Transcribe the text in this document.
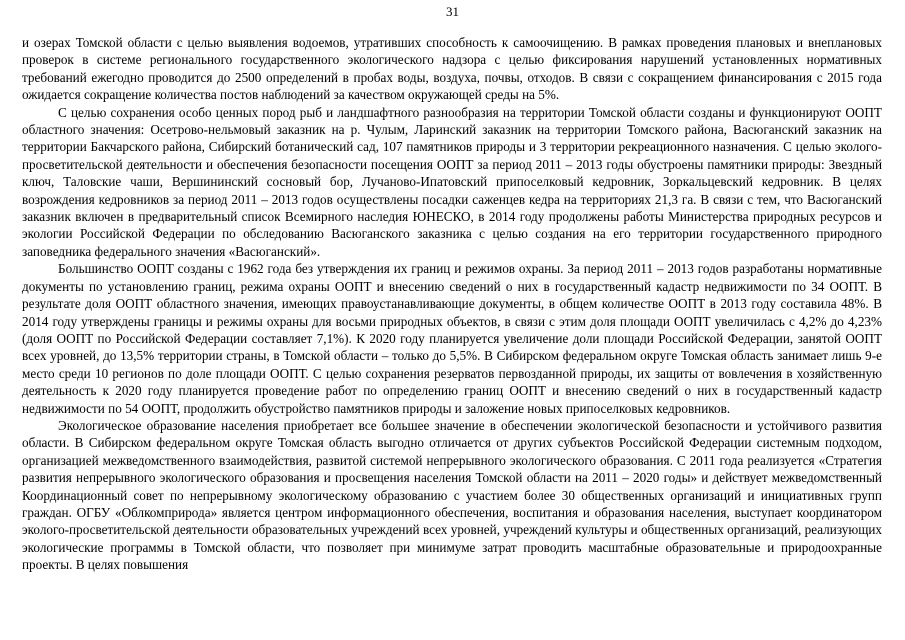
31

и озерах Томской области с целью выявления водоемов, утративших способность к самоочищению. В рамках проведения плановых и внеплановых проверок в системе регионального государственного экологического надзора с целью фиксирования нарушений установленных нормативных требований ежегодно проводится до 2500 определений в пробах воды, воздуха, почвы, отходов. В связи с сокращением финансирования с 2015 года ожидается сокращение количества постов наблюдений за качеством окружающей среды на 5%.

С целью сохранения особо ценных пород рыб и ландшафтного разнообразия на территории Томской области созданы и функционируют ООПТ областного значения: Осетрово-нельмовый заказник на р. Чулым, Ларинский заказник на территории Томского района, Васюганский заказник на территории Бакчарского района, Сибирский ботанический сад, 107 памятников природы и 3 территории рекреационного назначения. С целью эколого-просветительской деятельности и обеспечения безопасности посещения ООПТ за период 2011 – 2013 годы обустроены памятники природы: Звездный ключ, Таловские чаши, Вершининский сосновый бор, Лучаново-Ипатовский припоселковый кедровник, Зоркальцевский кедровник. В целях возрождения кедровников за период 2011 – 2013 годов осуществлены посадки саженцев кедра на территориях 21,3 га. В связи с тем, что Васюганский заказник включен в предварительный список Всемирного наследия ЮНЕСКО, в 2014 году продолжены работы Министерства природных ресурсов и экологии Российской Федерации по обследованию Васюганского заказника с целью создания на его территории государственного природного заповедника федерального значения «Васюганский».

Большинство ООПТ созданы с 1962 года без утверждения их границ и режимов охраны. За период 2011 – 2013 годов разработаны нормативные документы по установлению границ, режима охраны ООПТ и внесению сведений о них в государственный кадастр недвижимости по 34 ООПТ. В результате доля ООПТ областного значения, имеющих правоустанавливающие документы, в общем количестве ООПТ в 2013 году составила 48%. В 2014 году утверждены границы и режимы охраны для восьми природных объектов, в связи с этим доля площади ООПТ увеличилась с 4,2% до 4,23% (доля ООПТ по Российской Федерации составляет 7,1%). К 2020 году планируется увеличение доли площади Российской Федерации, занятой ООПТ всех уровней, до 13,5% территории страны, в Томской области – только до 5,5%. В Сибирском федеральном округе Томская область занимает лишь 9-е место среди 10 регионов по доле площади ООПТ. С целью сохранения резерватов первозданной природы, их защиты от вовлечения в хозяйственную деятельность к 2020 году планируется проведение работ по определению границ ООПТ и внесению сведений о них в государственный кадастр недвижимости по 54 ООПТ, продолжить обустройство памятников природы и заложение новых припоселковых кедровников.

Экологическое образование населения приобретает все большее значение в обеспечении экологической безопасности и устойчивого развития области. В Сибирском федеральном округе Томская область выгодно отличается от других субъектов Российской Федерации системным подходом, организацией межведомственного взаимодействия, развитой системой непрерывного экологического образования. С 2011 года реализуется «Стратегия развития непрерывного экологического образования и просвещения населения Томской области на 2011 – 2020 годы» и действует межведомственный Координационный совет по непрерывному экологическому образованию с участием более 30 общественных организаций и инициативных групп граждан. ОГБУ «Облкомприрода» является центром информационного обеспечения, воспитания и образования населения, выступает координатором эколого-просветительской деятельности образовательных учреждений всех уровней, учреждений культуры и общественных организаций, реализующих экологические программы в Томской области, что позволяет при минимуме затрат проводить масштабные образовательные и природоохранные проекты. В целях повышения
